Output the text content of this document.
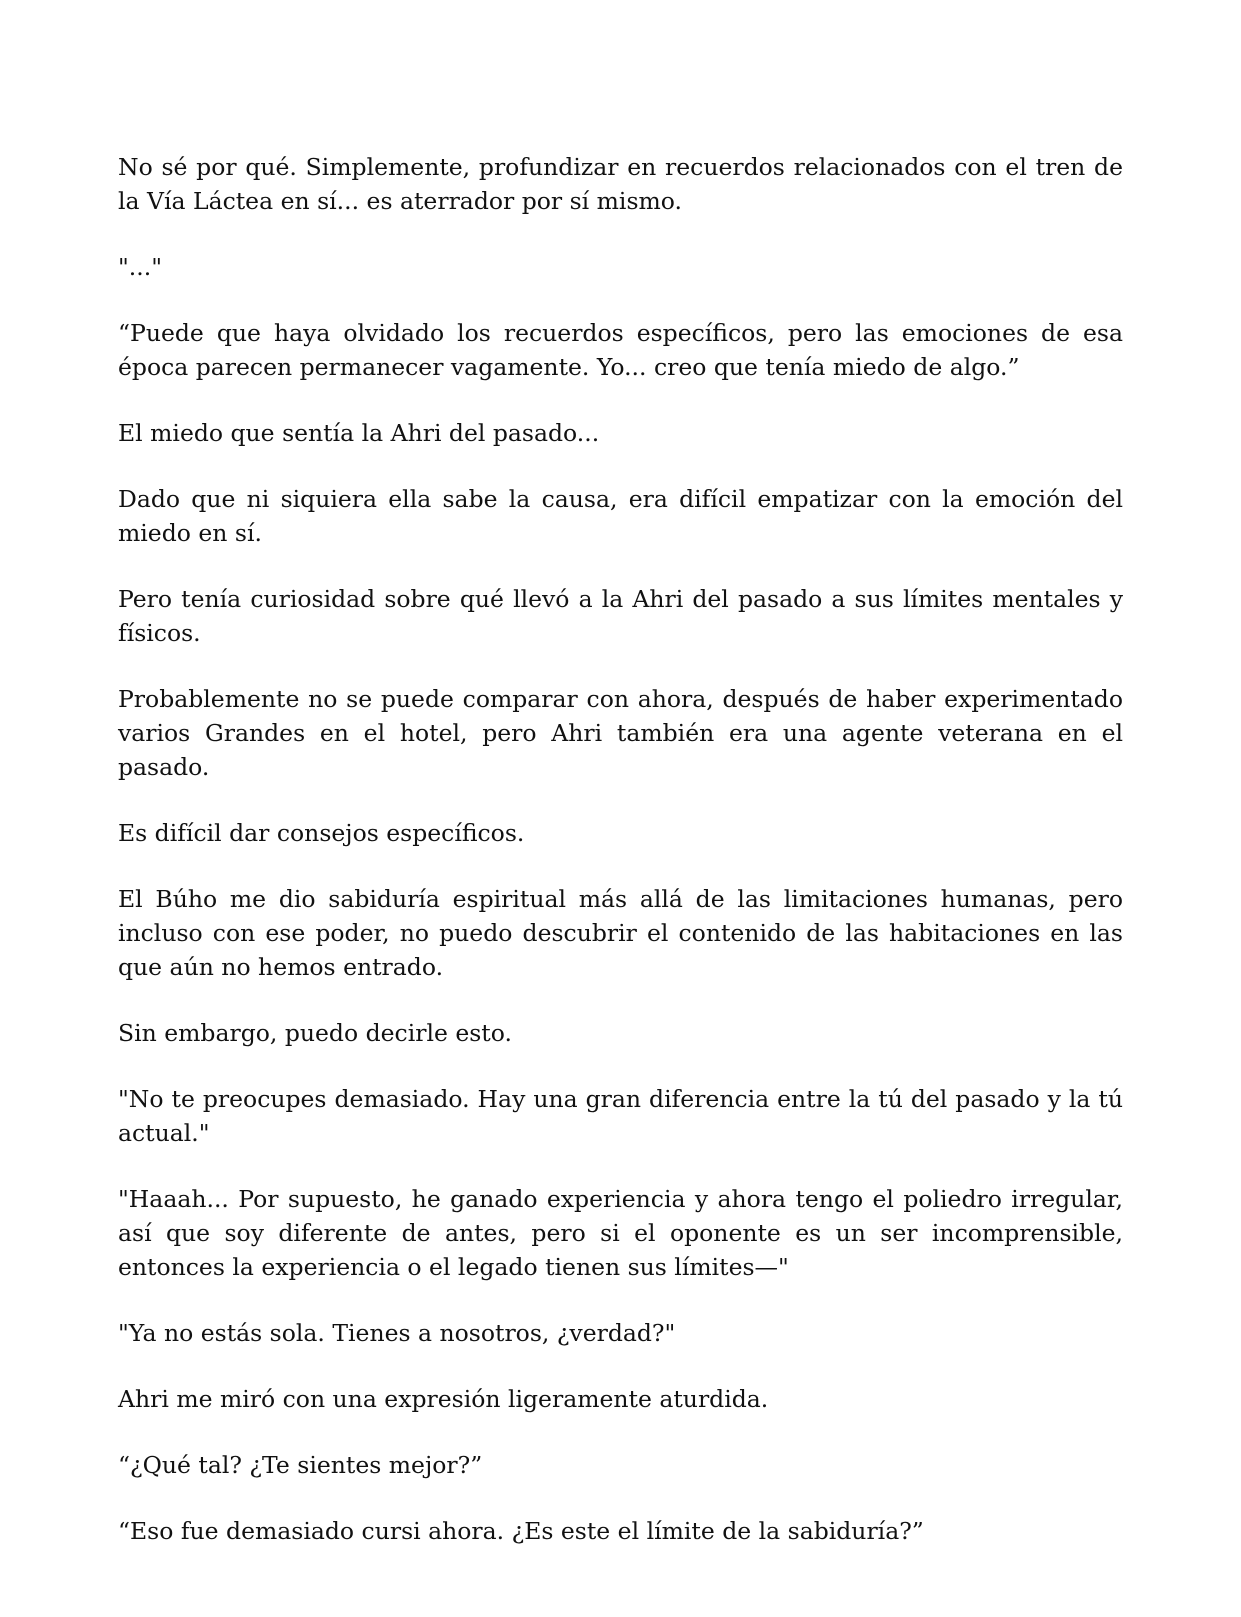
No sé por qué. Simplemente, profundizar en recuerdos relacionados con el tren de la Vía Láctea en sí... es aterrador por sí mismo.

"..."

“Puede que haya olvidado los recuerdos específicos, pero las emociones de esa época parecen permanecer vagamente. Yo... creo que tenía miedo de algo.”

El miedo que sentía la Ahri del pasado...

Dado que ni siquiera ella sabe la causa, era difícil empatizar con la emoción del miedo en sí.

Pero tenía curiosidad sobre qué llevó a la Ahri del pasado a sus límites mentales y físicos.

Probablemente no se puede comparar con ahora, después de haber experimentado varios Grandes en el hotel, pero Ahri también era una agente veterana en el pasado.

Es difícil dar consejos específicos.

El Búho me dio sabiduría espiritual más allá de las limitaciones humanas, pero incluso con ese poder, no puedo descubrir el contenido de las habitaciones en las que aún no hemos entrado.

Sin embargo, puedo decirle esto.

"No te preocupes demasiado. Hay una gran diferencia entre la tú del pasado y la tú actual."

"Haaah... Por supuesto, he ganado experiencia y ahora tengo el poliedro irregular, así que soy diferente de antes, pero si el oponente es un ser incomprensible, entonces la experiencia o el legado tienen sus límites—"

"Ya no estás sola. Tienes a nosotros, ¿verdad?"

Ahri me miró con una expresión ligeramente aturdida.

“¿Qué tal? ¿Te sientes mejor?”

“Eso fue demasiado cursi ahora. ¿Es este el límite de la sabiduría?”
